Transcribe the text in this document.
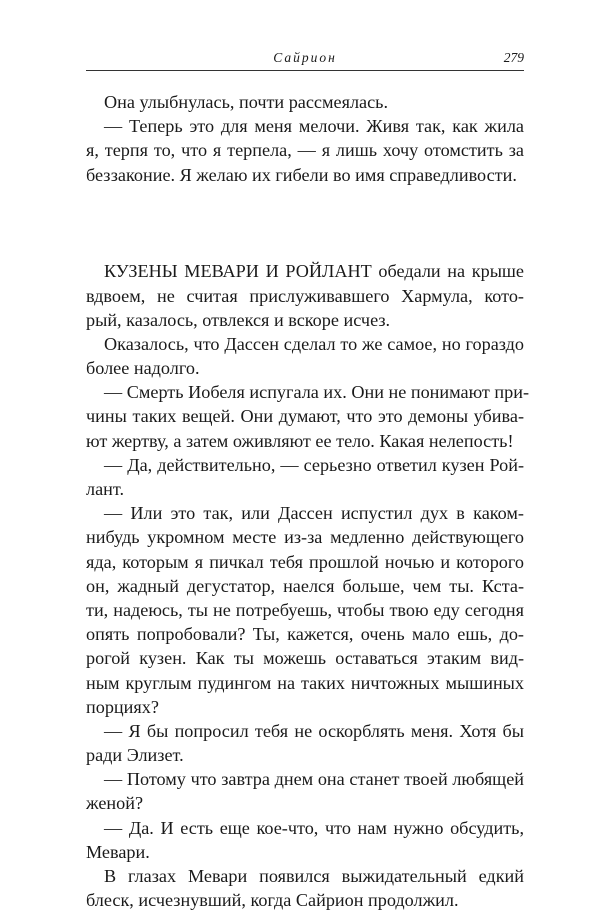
Сайрион	279
Она улыбнулась, почти рассмеялась.
— Теперь это для меня мелочи. Живя так, как жила
я, терпя то, что я терпела, — я лишь хочу отомстить за
беззаконие. Я желаю их гибели во имя справедливости.
КУЗЕНЫ МЕВАРИ И РОЙЛАНТ обедали на крыше
вдвоем, не считая прислуживавшего Хармула, кото-
рый, казалось, отвлекся и вскоре исчез.
Оказалось, что Дассен сделал то же самое, но гораздо
более надолго.
— Смерть Иобеля испугала их. Они не понимают при-
чины таких вещей. Они думают, что это демоны убива-
ют жертву, а затем оживляют ее тело. Какая нелепость!
— Да, действительно, — серьезно ответил кузен Рой-
лант.
— Или это так, или Дассен испустил дух в каком-
нибудь укромном месте из-за медленно действующего
яда, которым я пичкал тебя прошлой ночью и которого
он, жадный дегустатор, наелся больше, чем ты. Кста-
ти, надеюсь, ты не потребуешь, чтобы твою еду сегодня
опять попробовали? Ты, кажется, очень мало ешь, до-
рогой кузен. Как ты можешь оставаться этаким вид-
ным круглым пудингом на таких ничтожных мышиных
порциях?
— Я бы попросил тебя не оскорблять меня. Хотя бы
ради Элизет.
— Потому что завтра днем она станет твоей любящей
женой?
— Да. И есть еще кое-что, что нам нужно обсудить,
Мевари.
В глазах Мевари появился выжидательный едкий
блеск, исчезнувший, когда Сайрион продолжил.
